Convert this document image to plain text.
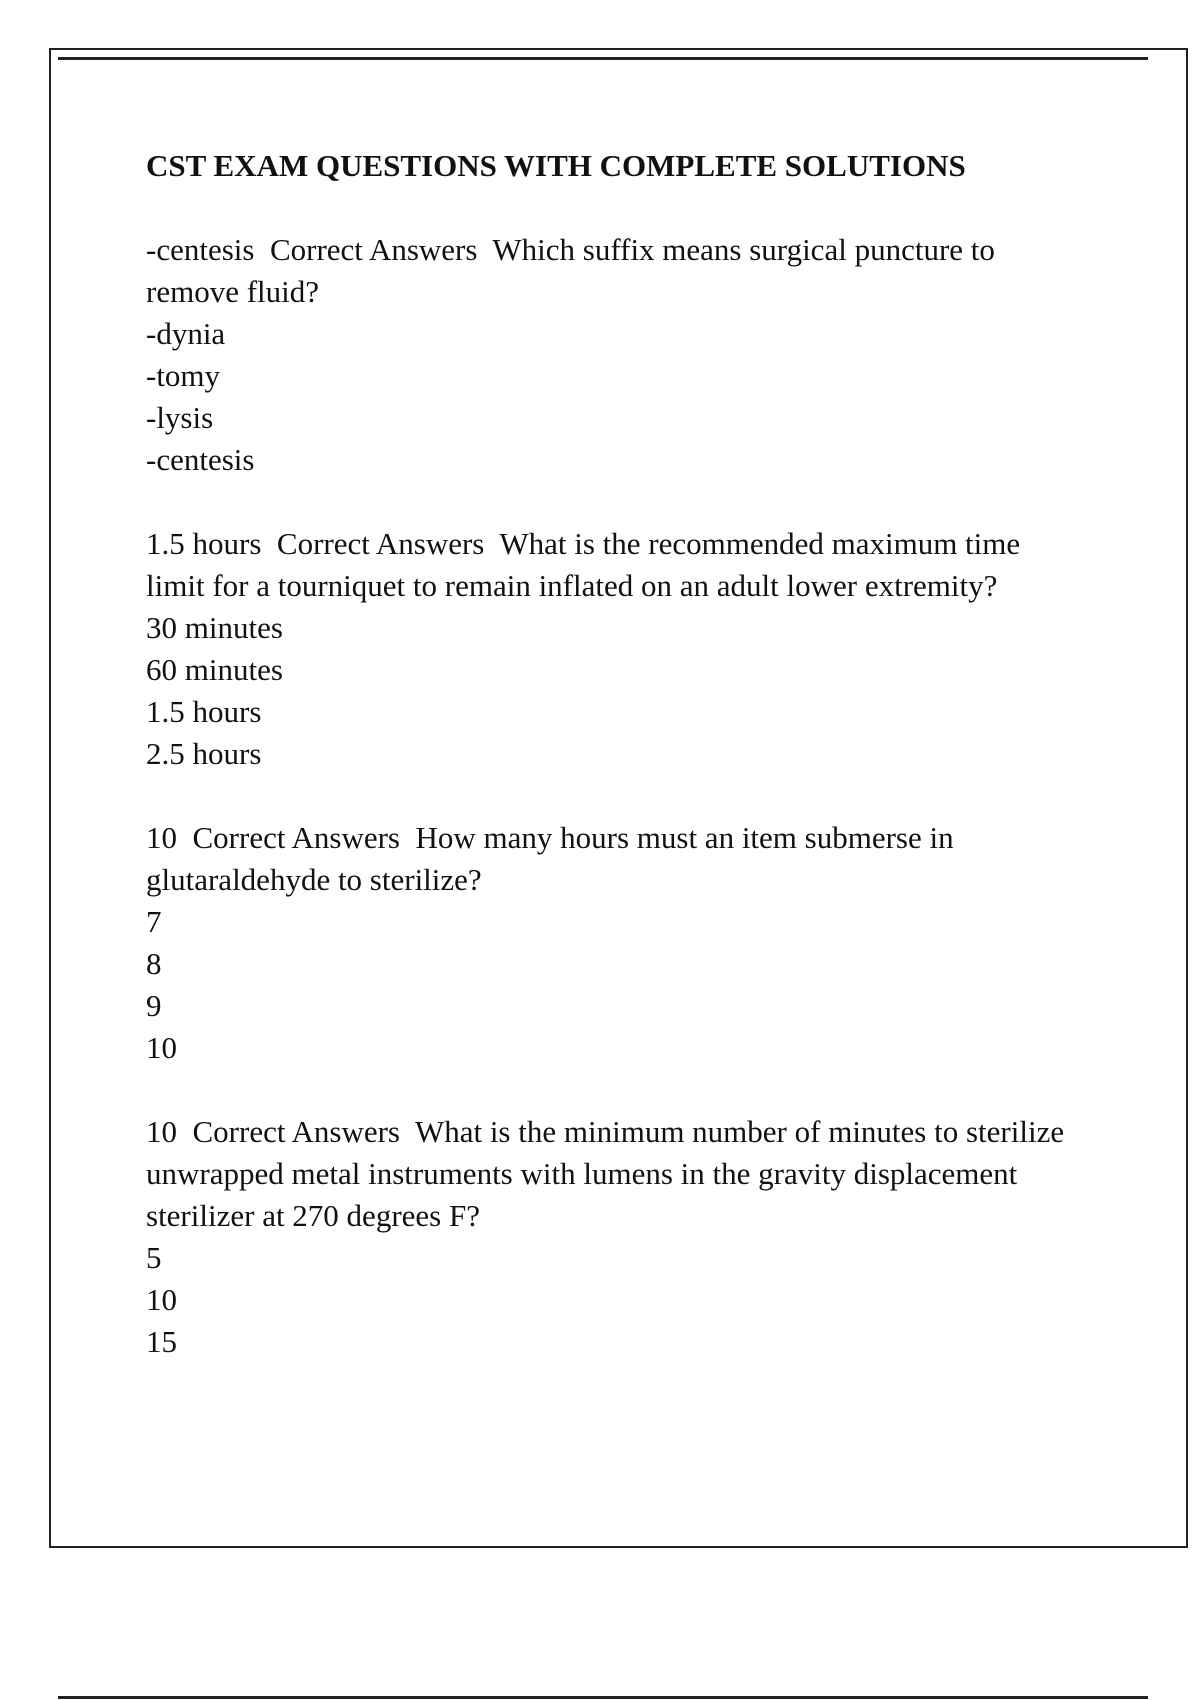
CST EXAM QUESTIONS WITH COMPLETE SOLUTIONS
-centesis Correct Answers Which suffix means surgical puncture to remove fluid?
-dynia
-tomy
-lysis
-centesis
1.5 hours Correct Answers What is the recommended maximum time limit for a tourniquet to remain inflated on an adult lower extremity?
30 minutes
60 minutes
1.5 hours
2.5 hours
10 Correct Answers How many hours must an item submerse in glutaraldehyde to sterilize?
7
8
9
10
10 Correct Answers What is the minimum number of minutes to sterilize unwrapped metal instruments with lumens in the gravity displacement sterilizer at 270 degrees F?
5
10
15
